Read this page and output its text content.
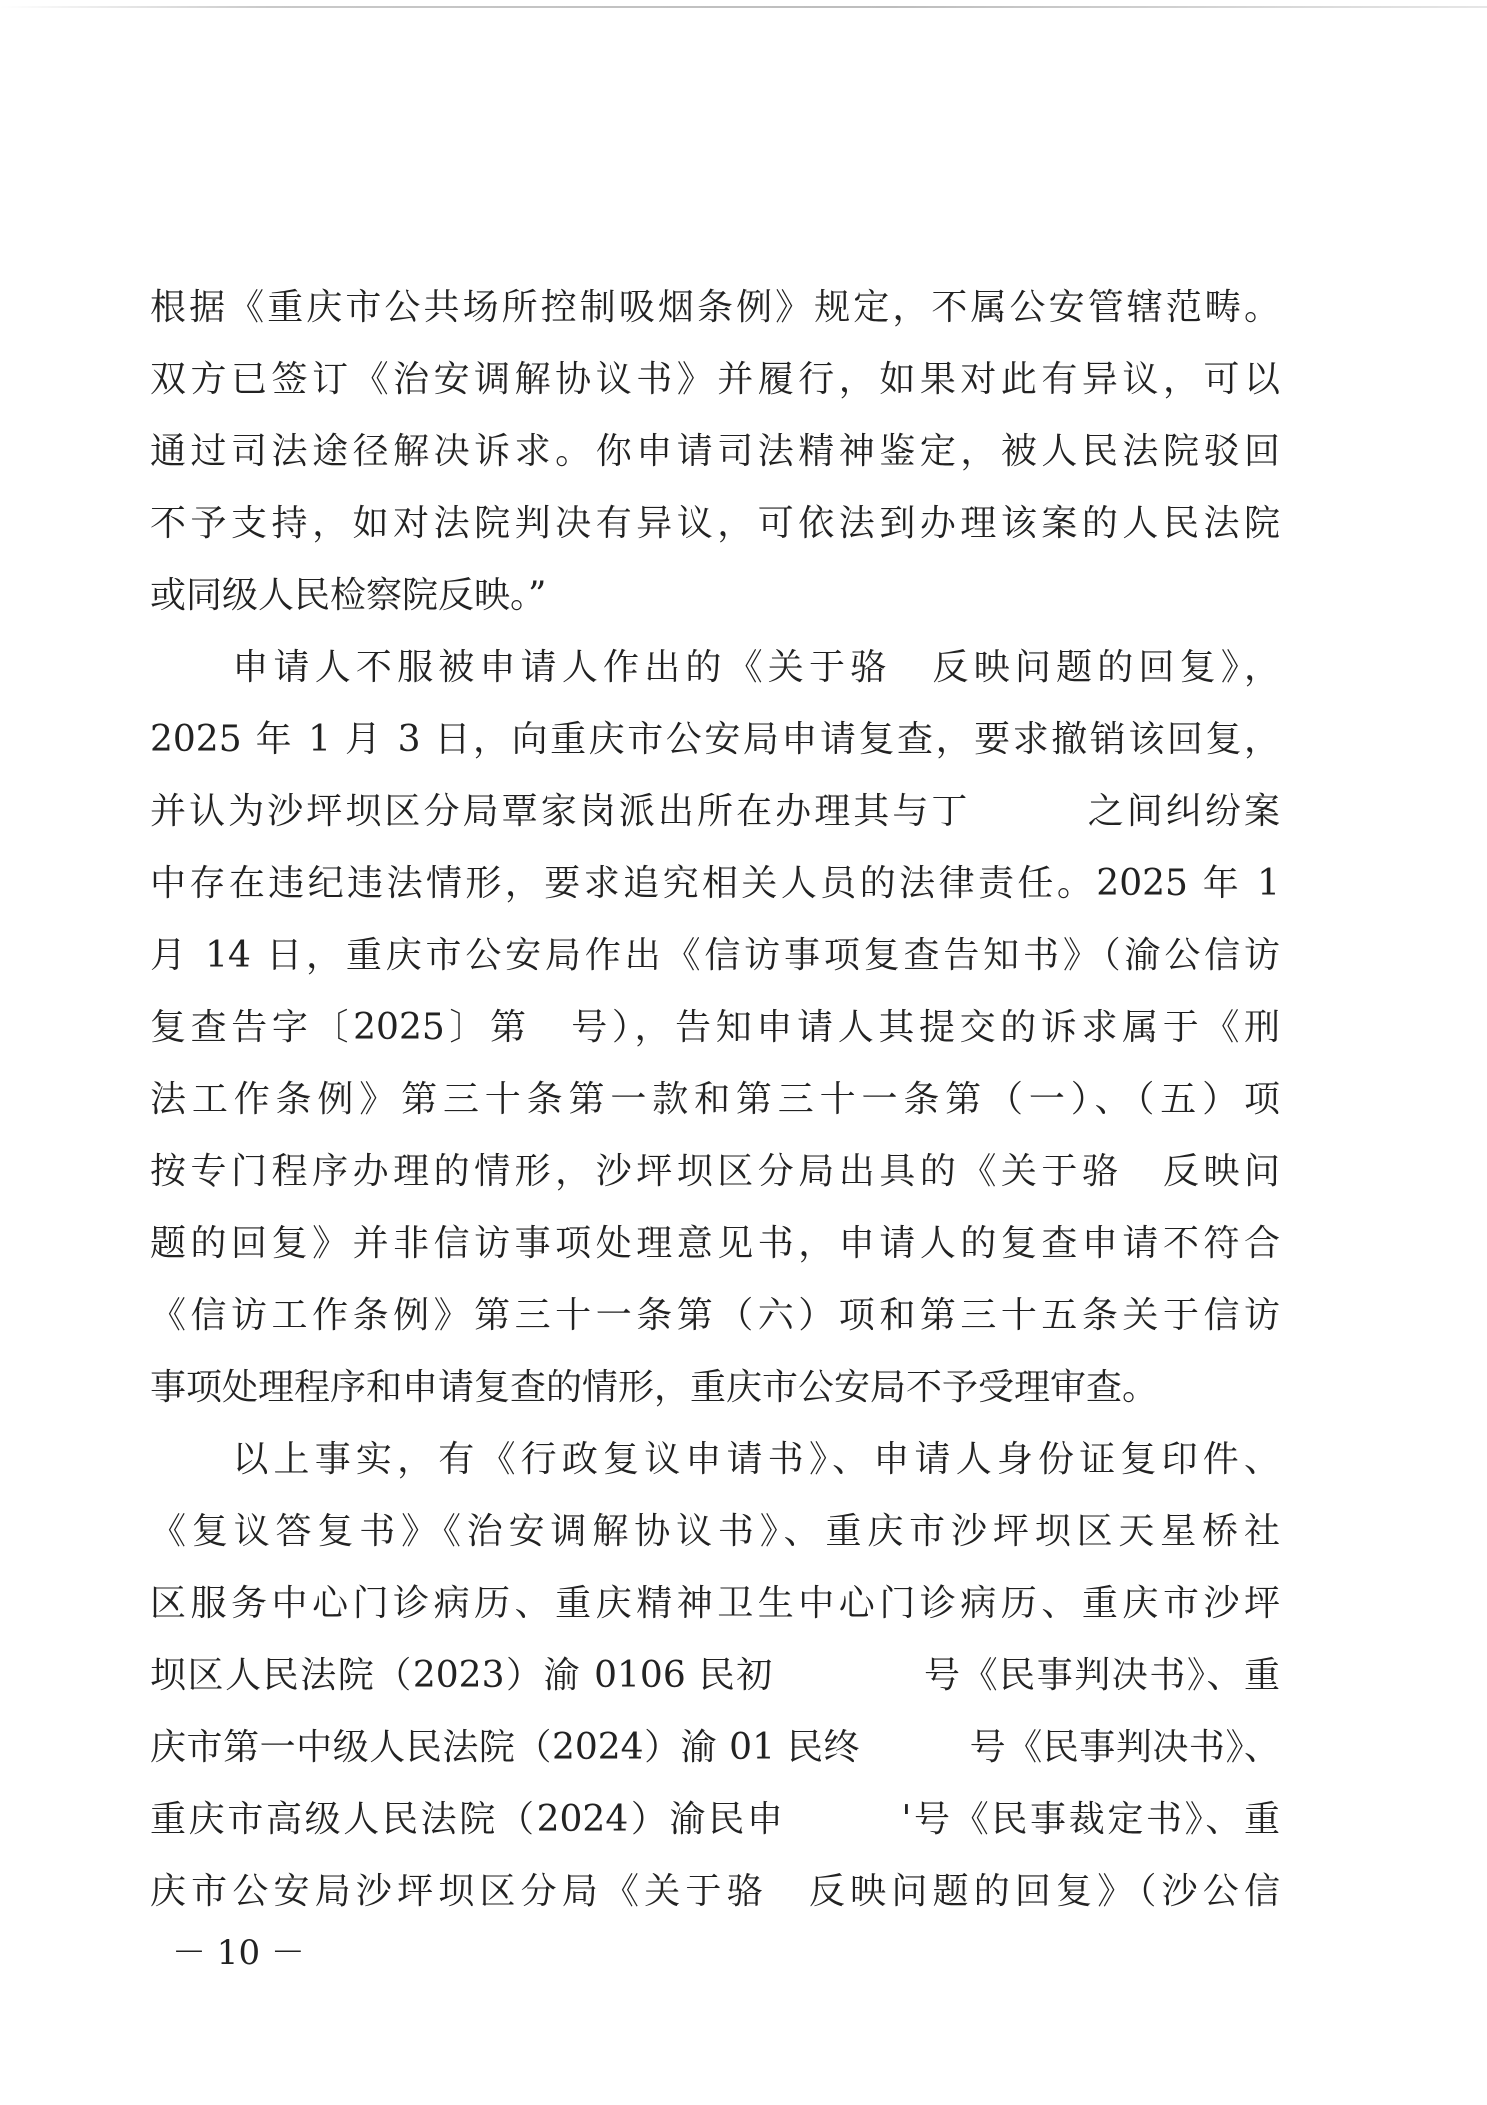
根据《重庆市公共场所控制吸烟条例》规定，不属公安管辖范畴。
双方已签订《治安调解协议书》并履行，如果对此有异议，可以
通过司法途径解决诉求。你申请司法精神鉴定，被人民法院驳回
不予支持，如对法院判决有异议，可依法到办理该案的人民法院
或同级人民检察院反映。”
　　申请人不服被申请人作出的《关于骆　反映问题的回复》，
2025 年 1 月 3 日，向重庆市公安局申请复查，要求撤销该回复，
并认为沙坪坝区分局覃家岗派出所在办理其与丁　　　之间纠纷案
中存在违纪违法情形，要求追究相关人员的法律责任。2025 年 1
月 14 日，重庆市公安局作出《信访事项复查告知书》（渝公信访
复查告字〔2025〕第　号），告知申请人其提交的诉求属于《刑
法工作条例》第三十条第一款和第三十一条第（一）、（五）项
按专门程序办理的情形，沙坪坝区分局出具的《关于骆　反映问
题的回复》并非信访事项处理意见书，申请人的复查申请不符合
《信访工作条例》第三十一条第（六）项和第三十五条关于信访
事项处理程序和申请复查的情形，重庆市公安局不予受理审查。
　　以上事实，有《行政复议申请书》、申请人身份证复印件、
《复议答复书》《治安调解协议书》、重庆市沙坪坝区天星桥社
区服务中心门诊病历、重庆精神卫生中心门诊病历、重庆市沙坪
坝区人民法院（2023）渝 0106 民初　　　　号《民事判决书》、重
庆市第一中级人民法院（2024）渝 01 民终　　　号《民事判决书》、
重庆市高级人民法院（2024）渝民申　　　'号《民事裁定书》、重
庆市公安局沙坪坝区分局《关于骆　反映问题的回复》（沙公信
－ 10 －
